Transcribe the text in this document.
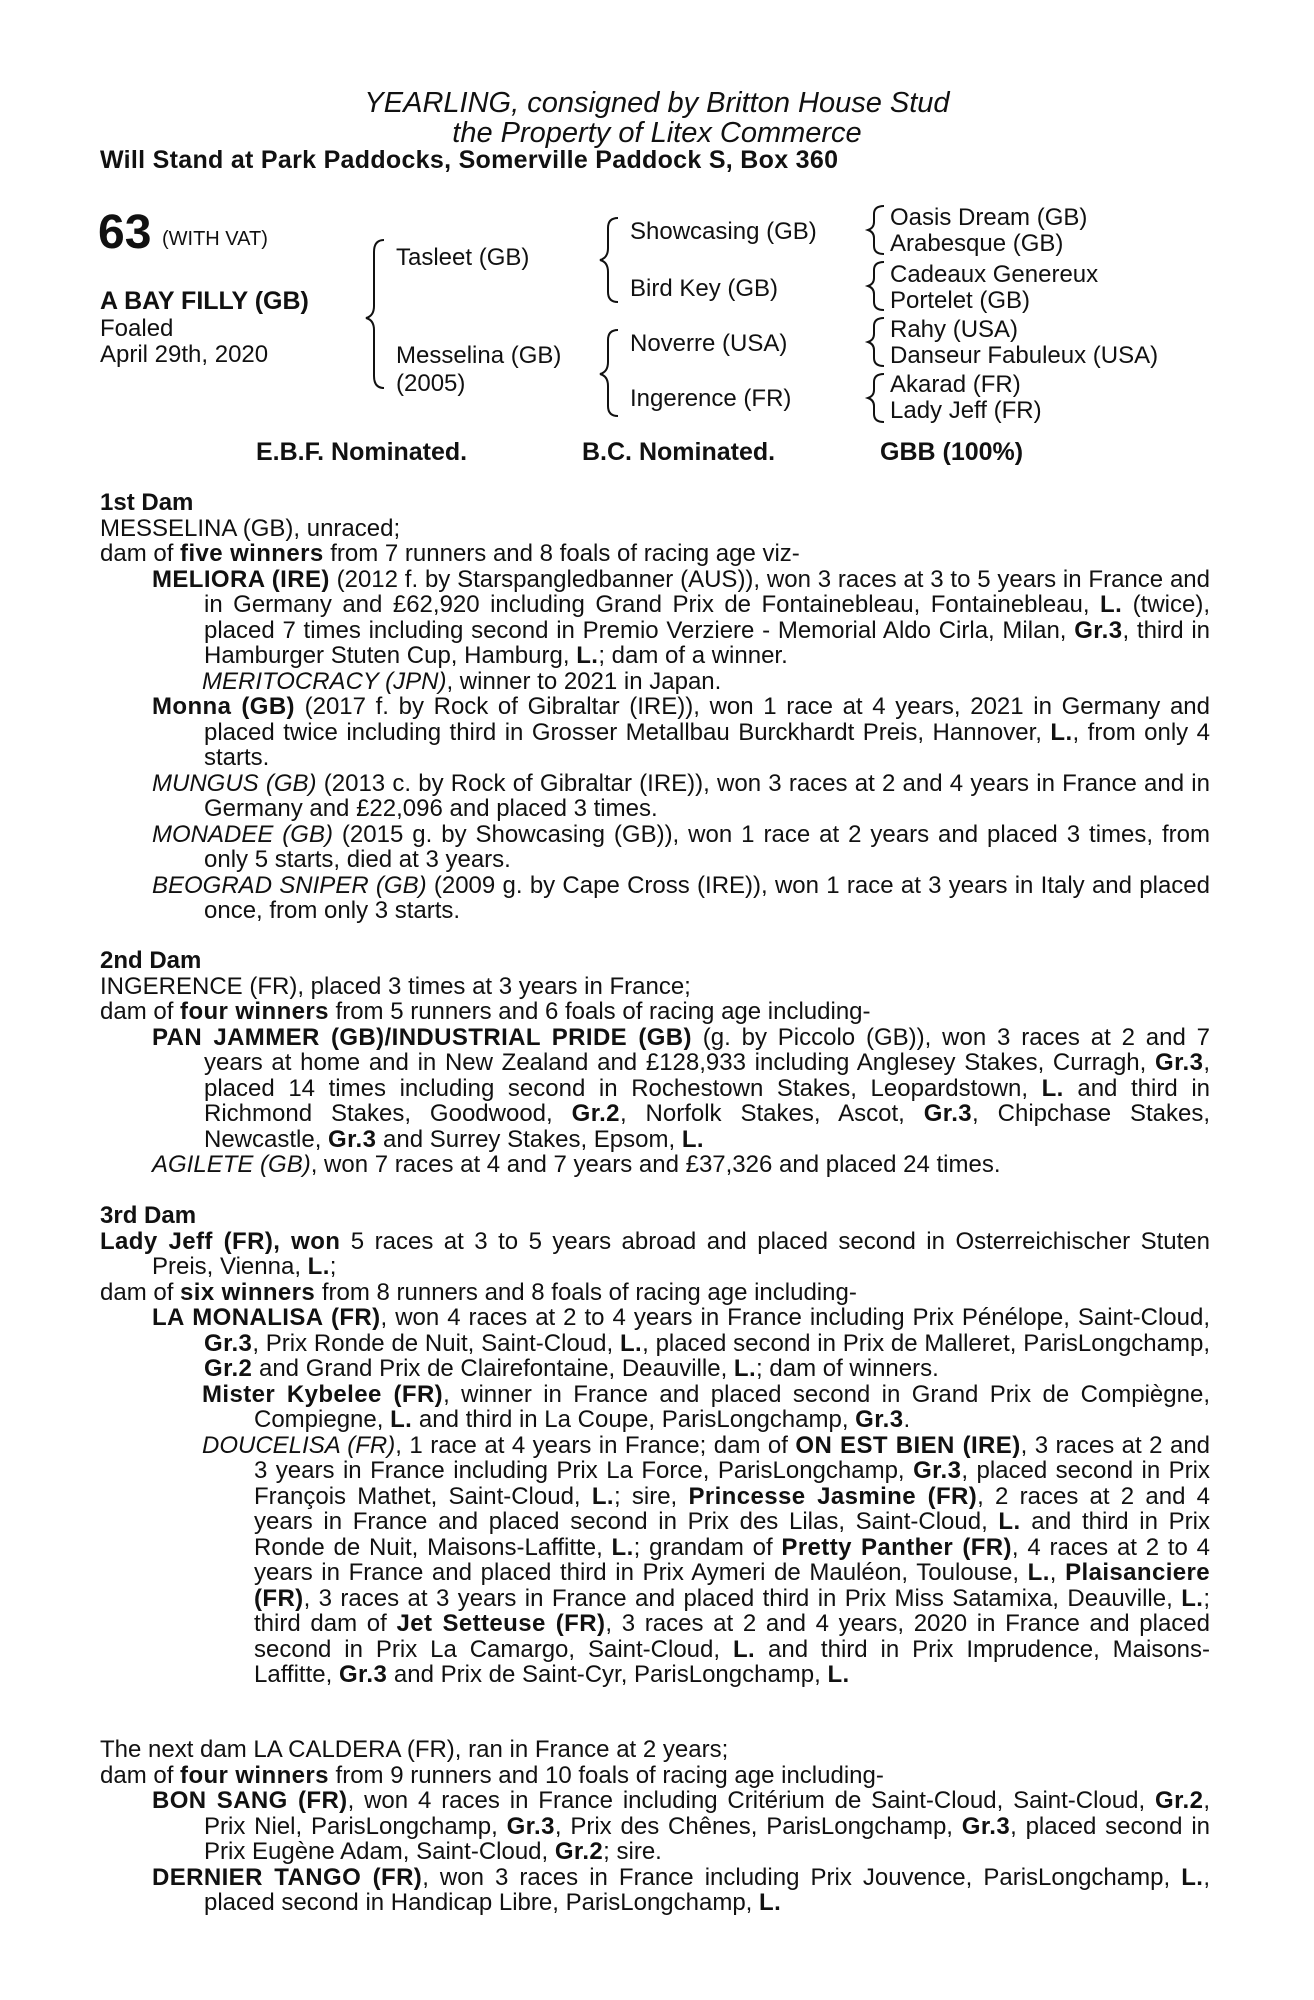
YEARLING, consigned by Britton House Stud
the Property of Litex Commerce
Will Stand at Park Paddocks, Somerville Paddock S, Box 360
63 (WITH VAT)
A BAY FILLY (GB)
Foaled
April 29th, 2020
Tasleet (GB)
Messelina (GB)
(2005)
Showcasing (GB)
Bird Key (GB)
Noverre (USA)
Ingerence (FR)
Oasis Dream (GB)
Arabesque (GB)
Cadeaux Genereux
Portelet (GB)
Rahy (USA)
Danseur Fabuleux (USA)
Akarad (FR)
Lady Jeff (FR)
E.B.F. Nominated.	B.C. Nominated.	GBB (100%)

1st Dam

MESSELINA (GB), unraced;

dam of five winners from 7 runners and 8 foals of racing age viz-

MELIORA (IRE) (2012 f. by Starspangledbanner (AUS)), won 3 races at 3 to 5 years in France and in Germany and £62,920 including Grand Prix de Fontainebleau, Fontainebleau, L. (twice), placed 7 times including second in Premio Verziere - Memorial Aldo Cirla, Milan, Gr.3, third in Hamburger Stuten Cup, Hamburg, L.; dam of a winner.
MERITOCRACY (JPN), winner to 2021 in Japan.
Monna (GB) (2017 f. by Rock of Gibraltar (IRE)), won 1 race at 4 years, 2021 in Germany and placed twice including third in Grosser Metallbau Burckhardt Preis, Hannover, L., from only 4 starts.
MUNGUS (GB) (2013 c. by Rock of Gibraltar (IRE)), won 3 races at 2 and 4 years in France and in Germany and £22,096 and placed 3 times.
MONADEE (GB) (2015 g. by Showcasing (GB)), won 1 race at 2 years and placed 3 times, from only 5 starts, died at 3 years.
BEOGRAD SNIPER (GB) (2009 g. by Cape Cross (IRE)), won 1 race at 3 years in Italy and placed once, from only 3 starts.

2nd Dam

INGERENCE (FR), placed 3 times at 3 years in France;

dam of four winners from 5 runners and 6 foals of racing age including-

PAN JAMMER (GB)/INDUSTRIAL PRIDE (GB) (g. by Piccolo (GB)), won 3 races at 2 and 7 years at home and in New Zealand and £128,933 including Anglesey Stakes, Curragh, Gr.3, placed 14 times including second in Rochestown Stakes, Leopardstown, L. and third in Richmond Stakes, Goodwood, Gr.2, Norfolk Stakes, Ascot, Gr.3, Chipchase Stakes, Newcastle, Gr.3 and Surrey Stakes, Epsom, L.
AGILETE (GB), won 7 races at 4 and 7 years and £37,326 and placed 24 times.

3rd Dam

Lady Jeff (FR), won 5 races at 3 to 5 years abroad and placed second in Osterreichischer Stuten Preis, Vienna, L.;

dam of six winners from 8 runners and 8 foals of racing age including-

LA MONALISA (FR), won 4 races at 2 to 4 years in France including Prix Pénélope, Saint-Cloud, Gr.3, Prix Ronde de Nuit, Saint-Cloud, L., placed second in Prix de Malleret, ParisLongchamp, Gr.2 and Grand Prix de Clairefontaine, Deauville, L.; dam of winners.
Mister Kybelee (FR), winner in France and placed second in Grand Prix de Compiègne, Compiegne, L. and third in La Coupe, ParisLongchamp, Gr.3.
DOUCELISA (FR), 1 race at 4 years in France; dam of ON EST BIEN (IRE), 3 races at 2 and 3 years in France including Prix La Force, ParisLongchamp, Gr.3, placed second in Prix François Mathet, Saint-Cloud, L.; sire, Princesse Jasmine (FR), 2 races at 2 and 4 years in France and placed second in Prix des Lilas, Saint-Cloud, L. and third in Prix Ronde de Nuit, Maisons-Laffitte, L.; grandam of Pretty Panther (FR), 4 races at 2 to 4 years in France and placed third in Prix Aymeri de Mauléon, Toulouse, L., Plaisanciere (FR), 3 races at 3 years in France and placed third in Prix Miss Satamixa, Deauville, L.; third dam of Jet Setteuse (FR), 3 races at 2 and 4 years, 2020 in France and placed second in Prix La Camargo, Saint-Cloud, L. and third in Prix Imprudence, Maisons-Laffitte, Gr.3 and Prix de Saint-Cyr, ParisLongchamp, L.

The next dam LA CALDERA (FR), ran in France at 2 years;

dam of four winners from 9 runners and 10 foals of racing age including-

BON SANG (FR), won 4 races in France including Critérium de Saint-Cloud, Saint-Cloud, Gr.2, Prix Niel, ParisLongchamp, Gr.3, Prix des Chênes, ParisLongchamp, Gr.3, placed second in Prix Eugène Adam, Saint-Cloud, Gr.2; sire.
DERNIER TANGO (FR), won 3 races in France including Prix Jouvence, ParisLongchamp, L., placed second in Handicap Libre, ParisLongchamp, L.
